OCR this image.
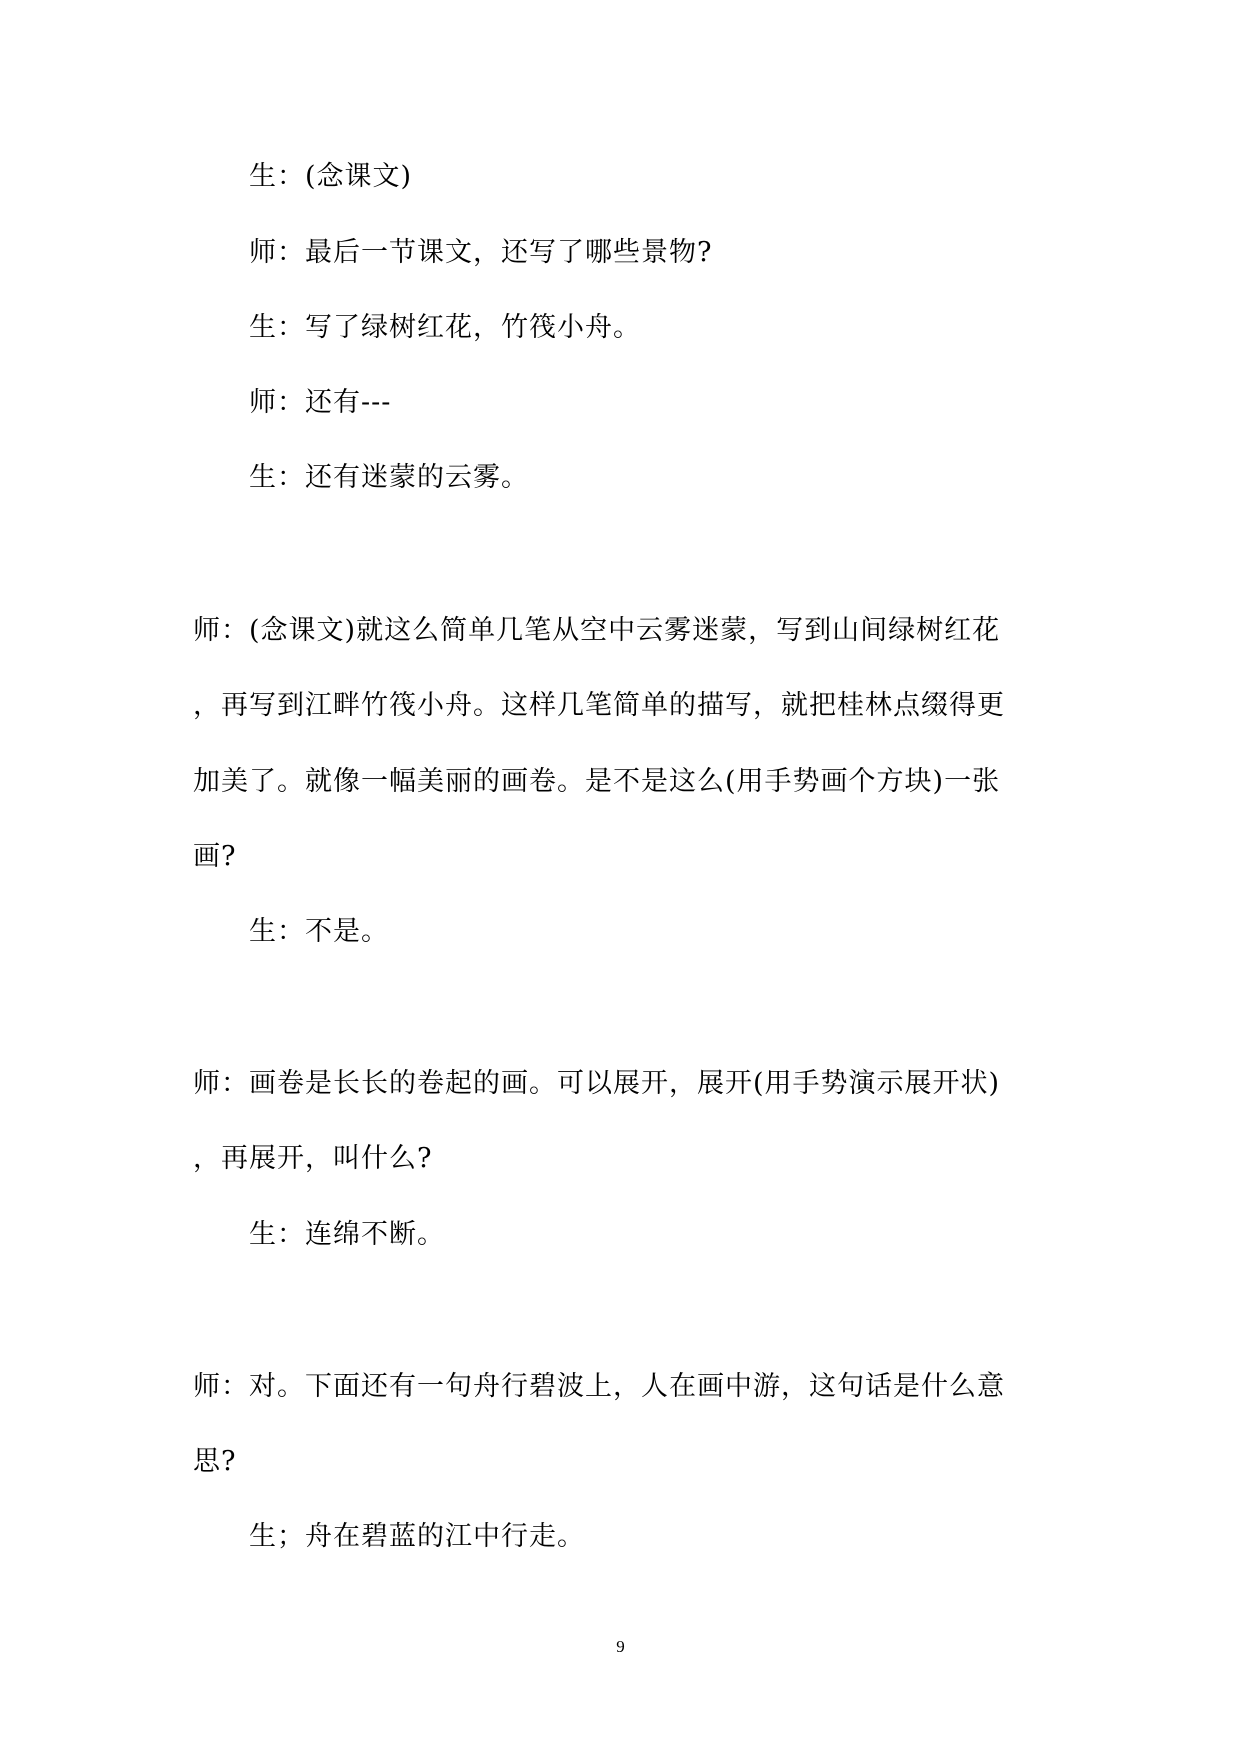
生：(念课文)

师：最后一节课文，还写了哪些景物?

生：写了绿树红花，竹筏小舟。

师：还有---

生：还有迷蒙的云雾。

师：(念课文)就这么简单几笔从空中云雾迷蒙，写到山间绿树红花

，再写到江畔竹筏小舟。这样几笔简单的描写，就把桂林点缀得更

加美了。就像一幅美丽的画卷。是不是这么(用手势画个方块)一张

画?

生：不是。

师：画卷是长长的卷起的画。可以展开，展开(用手势演示展开状)

，再展开，叫什么?

生：连绵不断。

师：对。下面还有一句舟行碧波上，人在画中游，这句话是什么意

思?

生；舟在碧蓝的江中行走。

9
